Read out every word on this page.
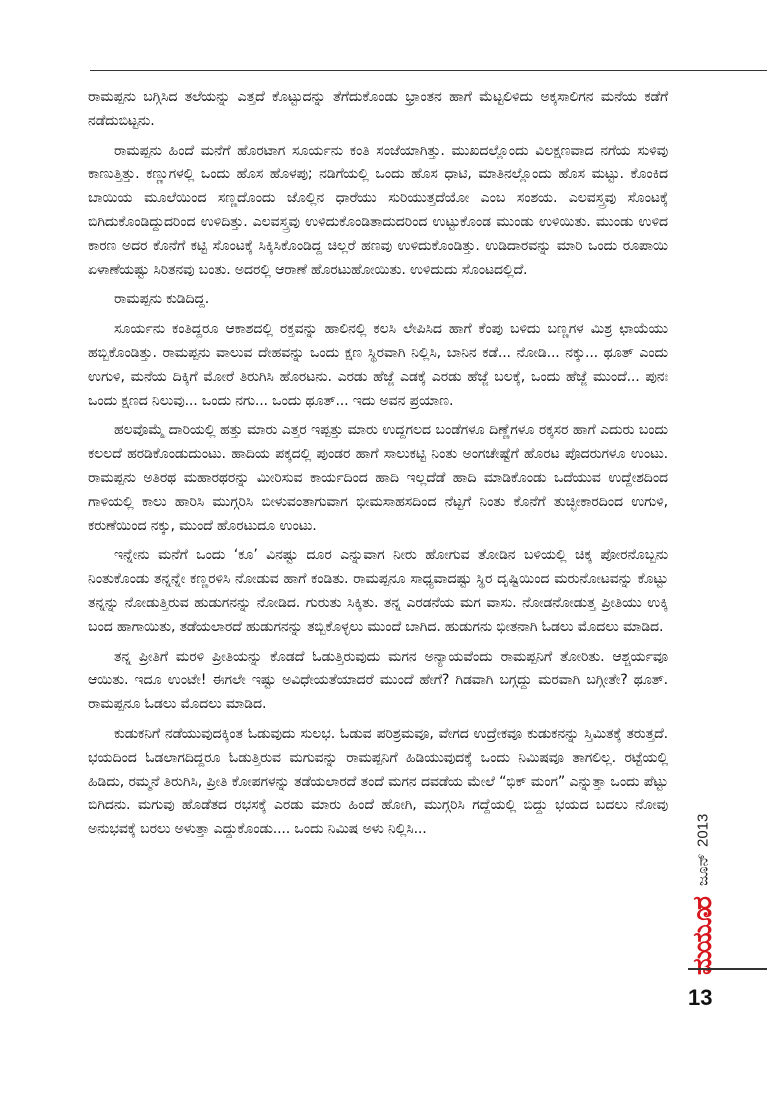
ರಾಮಪ್ಪನು ಬಗ್ಗಿಸಿದ ತಲೆಯನ್ನು ಎತ್ತದೆ ಕೊಟ್ಟುದನ್ನು ತೆಗೆದುಕೊಂಡು ಭ್ರಾಂತನ ಹಾಗೆ ಮೆಟ್ಟಲಿಳಿದು ಅಕ್ಕಸಾಲಿಗನ ಮನೆಯ ಕಡೆಗೆ ನಡೆದುಬಿಟ್ಟನು.

ರಾಮಪ್ಪನು ಹಿಂದೆ ಮನೆಗೆ ಹೊರಟಾಗ ಸೂರ್ಯನು ಕಂತಿ ಸಂಜೆಯಾಗಿತ್ತು. ಮುಖದಲ್ಲೊಂದು ವಿಲಕ್ಷಣವಾದ ನಗೆಯ ಸುಳಿವು ಕಾಣುತ್ತಿತ್ತು. ಕಣ್ಣುಗಳಲ್ಲಿ ಒಂದು ಹೊಸ ಹೊಳಪು; ನಡಿಗೆಯಲ್ಲಿ ಒಂದು ಹೊಸ ಧಾಟಿ, ಮಾತಿನಲ್ಲೊಂದು ಹೊಸ ಮಟ್ಟು. ಕೊಂಕಿದ ಬಾಯಿಯ ಮೂಲೆಯಿಂದ ಸಣ್ಣದೊಂದು ಜೊಲ್ಲಿನ ಧಾರೆಯು ಸುರಿಯುತ್ತದೆಯೋ ಎಂಬ ಸಂಶಯ. ಎಲವಸ್ತ್ರವು ಸೊಂಟಕ್ಕೆ ಬಿಗಿದುಕೊಂಡಿದ್ದುದರಿಂದ ಉಳಿದಿತ್ತು. ಎಲವಸ್ತ್ರವು ಉಳಿದುಕೊಂಡಿತಾದುದರಿಂದ ಉಟ್ಟುಕೊಂಡ ಮುಂಡು ಉಳಿಯಿತು. ಮುಂಡು ಉಳಿದ ಕಾರಣ ಅದರ ಕೊನೆಗೆ ಕಟ್ಟಿ ಸೊಂಟಕ್ಕೆ ಸಿಕ್ಕಿಸಿಕೊಂಡಿದ್ದ ಚಿಲ್ಲರೆ ಹಣವು ಉಳಿದುಕೊಂಡಿತ್ತು. ಉಡಿದಾರವನ್ನು ಮಾರಿ ಒಂದು ರೂಪಾಯಿ ಏಳಾಣೆಯಷ್ಟು ಸಿರಿತನವು ಬಂತು. ಅದರಲ್ಲಿ ಆರಾಣೆ ಹೊರಟುಹೋಯಿತು. ಉಳಿದುದು ಸೊಂಟದಲ್ಲಿದೆ.

ರಾಮಪ್ಪನು ಕುಡಿದಿದ್ದ.

ಸೂರ್ಯನು ಕಂತಿದ್ದರೂ ಆಕಾಶದಲ್ಲಿ ರಕ್ತವನ್ನು ಹಾಲಿನಲ್ಲಿ ಕಲಸಿ ಲೇಪಿಸಿದ ಹಾಗೆ ಕೆಂಪು ಬಳಿದು ಬಣ್ಣಗಳ ಮಿಶ್ರ ಛಾಯೆಯು ಹಬ್ಬಿಕೊಂಡಿತ್ತು. ರಾಮಪ್ಪನು ವಾಲುವ ದೇಹವನ್ನು ಒಂದು ಕ್ಷಣ ಸ್ಥಿರವಾಗಿ ನಿಲ್ಲಿಸಿ, ಬಾನಿನ ಕಡೆ... ನೋಡಿ... ನಕ್ಕು... ಥೂತ್ ಎಂದು ಉಗುಳಿ, ಮನೆಯ ದಿಕ್ಕಿಗೆ ಮೋರೆ ತಿರುಗಿಸಿ ಹೊರಟನು. ಎರಡು ಹೆಜ್ಜೆ ಎಡಕ್ಕೆ ಎರಡು ಹೆಜ್ಜೆ ಬಲಕ್ಕೆ, ಒಂದು ಹೆಜ್ಜೆ ಮುಂದೆ... ಪುನಃ ಒಂದು ಕ್ಷಣದ ನಿಲುವು... ಒಂದು ನಗು... ಒಂದು ಥೂತ್... ಇದು ಅವನ ಪ್ರಯಾಣ.

ಹಲವೊಮ್ಮೆ ದಾರಿಯಲ್ಲಿ ಹತ್ತು ಮಾರು ಎತ್ತರ ಇಪ್ಪತ್ತು ಮಾರು ಉದ್ದಗಲದ ಬಂಡೆಗಳೂ ದಿಣ್ಣೆಗಳೂ ರಕ್ಕಸರ ಹಾಗೆ ಎದುರು ಬಂದು ಕಲಲದೆ ಹರಡಿಕೊಂಡುದುಂಟು. ಹಾದಿಯ ಪಕ್ಕದಲ್ಲಿ ಪುಂಡರ ಹಾಗೆ ಸಾಲುಕಟ್ಟಿ ನಿಂತು ಅಂಗಚೇಷ್ಟೆಗೆ ಹೊರಟ ಪೊದರುಗಳೂ ಉಂಟು. ರಾಮಪ್ಪನು ಅತಿರಥ ಮಹಾರಥರನ್ನು ಮೀರಿಸುವ ಕಾರ್ಯದಿಂದ ಹಾದಿ ಇಲ್ಲದೆಡೆ ಹಾದಿ ಮಾಡಿಕೊಂಡು ಒದೆಯುವ ಉದ್ದೇಶದಿಂದ ಗಾಳಿಯಲ್ಲಿ ಕಾಲು ಹಾರಿಸಿ ಮುಗ್ಗರಿಸಿ ಬೀಳುವಂತಾಗುವಾಗ ಭೀಮಸಾಹಸದಿಂದ ನೆಟ್ಟಗೆ ನಿಂತು ಕೊನೆಗೆ ತುಚ್ಛೀಕಾರದಿಂದ ಉಗುಳಿ, ಕರುಣೆಯಿಂದ ನಕ್ಕು, ಮುಂದೆ ಹೊರಟುದೂ ಉಂಟು.

ಇನ್ನೇನು ಮನೆಗೆ ಒಂದು ‘ಕೂ’ ವಿನಷ್ಟು ದೂರ ಎನ್ನುವಾಗ ನೀರು ಹೋಗುವ ತೋಡಿನ ಬಳಿಯಲ್ಲಿ ಚಿಕ್ಕ ಪೋರನೊಬ್ಬನು ನಿಂತುಕೊಂಡು ತನ್ನನ್ನೇ ಕಣ್ಣರಳಿಸಿ ನೋಡುವ ಹಾಗೆ ಕಂಡಿತು. ರಾಮಪ್ಪನೂ ಸಾಧ್ಯವಾದಷ್ಟು ಸ್ಥಿರ ದೃಷ್ಟಿಯಿಂದ ಮರುನೋಟವನ್ನು ಕೊಟ್ಟು ತನ್ನನ್ನು ನೋಡುತ್ತಿರುವ ಹುಡುಗನನ್ನು ನೋಡಿದ. ಗುರುತು ಸಿಕ್ಕಿತು. ತನ್ನ ಎರಡನೆಯ ಮಗ ವಾಸು. ನೋಡನೋಡುತ್ತ ಪ್ರೀತಿಯು ಉಕ್ಕಿ ಬಂದ ಹಾಗಾಯಿತು, ತಡೆಯಲಾರದೆ ಹುಡುಗನನ್ನು ತಬ್ಬಿಕೊಳ್ಳಲು ಮುಂದೆ ಬಾಗಿದ. ಹುಡುಗನು ಭೀತನಾಗಿ ಓಡಲು ಮೊದಲು ಮಾಡಿದ.

ತನ್ನ ಪ್ರೀತಿಗೆ ಮರಳಿ ಪ್ರೀತಿಯನ್ನು ಕೊಡದೆ ಓಡುತ್ತಿರುವುದು ಮಗನ ಅನ್ಯಾಯವೆಂದು ರಾಮಪ್ಪನಿಗೆ ತೋರಿತು. ಆಶ್ಚರ್ಯವೂ ಆಯಿತು. ಇದೂ ಉಂಟೇ! ಈಗಲೇ ಇಷ್ಟು ಅವಿಧೇಯತೆಯಾದರೆ ಮುಂದೆ ಹೇಗೆ? ಗಿಡವಾಗಿ ಬಗ್ಗದ್ದು ಮರವಾಗಿ ಬಗ್ಗೀತೇ? ಥೂತ್. ರಾಮಪ್ಪನೂ ಓಡಲು ಮೊದಲು ಮಾಡಿದ.

ಕುಡುಕನಿಗೆ ನಡೆಯುವುದಕ್ಕಿಂತ ಓಡುವುದು ಸುಲಭ. ಓಡುವ ಪರಿಶ್ರಮವೂ, ವೇಗದ ಉದ್ರೇಕವೂ ಕುಡುಕನನ್ನು ಸ್ತಿಮಿತಕ್ಕೆ ತರುತ್ತದೆ. ಭಯದಿಂದ ಓಡಲಾಗದಿದ್ದರೂ ಓಡುತ್ತಿರುವ ಮಗುವನ್ನು ರಾಮಪ್ಪನಿಗೆ ಹಿಡಿಯುವುದಕ್ಕೆ ಒಂದು ನಿಮಿಷವೂ ತಾಗಲಿಲ್ಲ. ರಟ್ಟೆಯಲ್ಲಿ ಹಿಡಿದು, ರಮ್ಮನೆ ತಿರುಗಿಸಿ, ಪ್ರೀತಿ ಕೋಪಗಳನ್ನು ತಡೆಯಲಾರದೆ ತಂದೆ ಮಗನ ದವಡೆಯ ಮೇಲೆ “ಭಿಕ್ ಮಂಗ” ಎನ್ನುತ್ತಾ ಒಂದು ಪೆಟ್ಟು ಬಿಗಿದನು. ಮಗುವು ಹೊಡೆತದ ರಭಸಕ್ಕೆ ಎರಡು ಮಾರು ಹಿಂದೆ ಹೋಗಿ, ಮುಗ್ಗರಿಸಿ ಗದ್ದೆಯಲ್ಲಿ ಬಿದ್ದು ಭಯದ ಬದಲು ನೋವು ಅನುಭವಕ್ಕೆ ಬರಲು ಅಳುತ್ತಾ ಎದ್ದುಕೊಂಡು.... ಒಂದು ನಿಮಿಷ ಅಳು ನಿಲ್ಲಿಸಿ...

ಜೂನ್
2013
ಮಯೂರ
13
